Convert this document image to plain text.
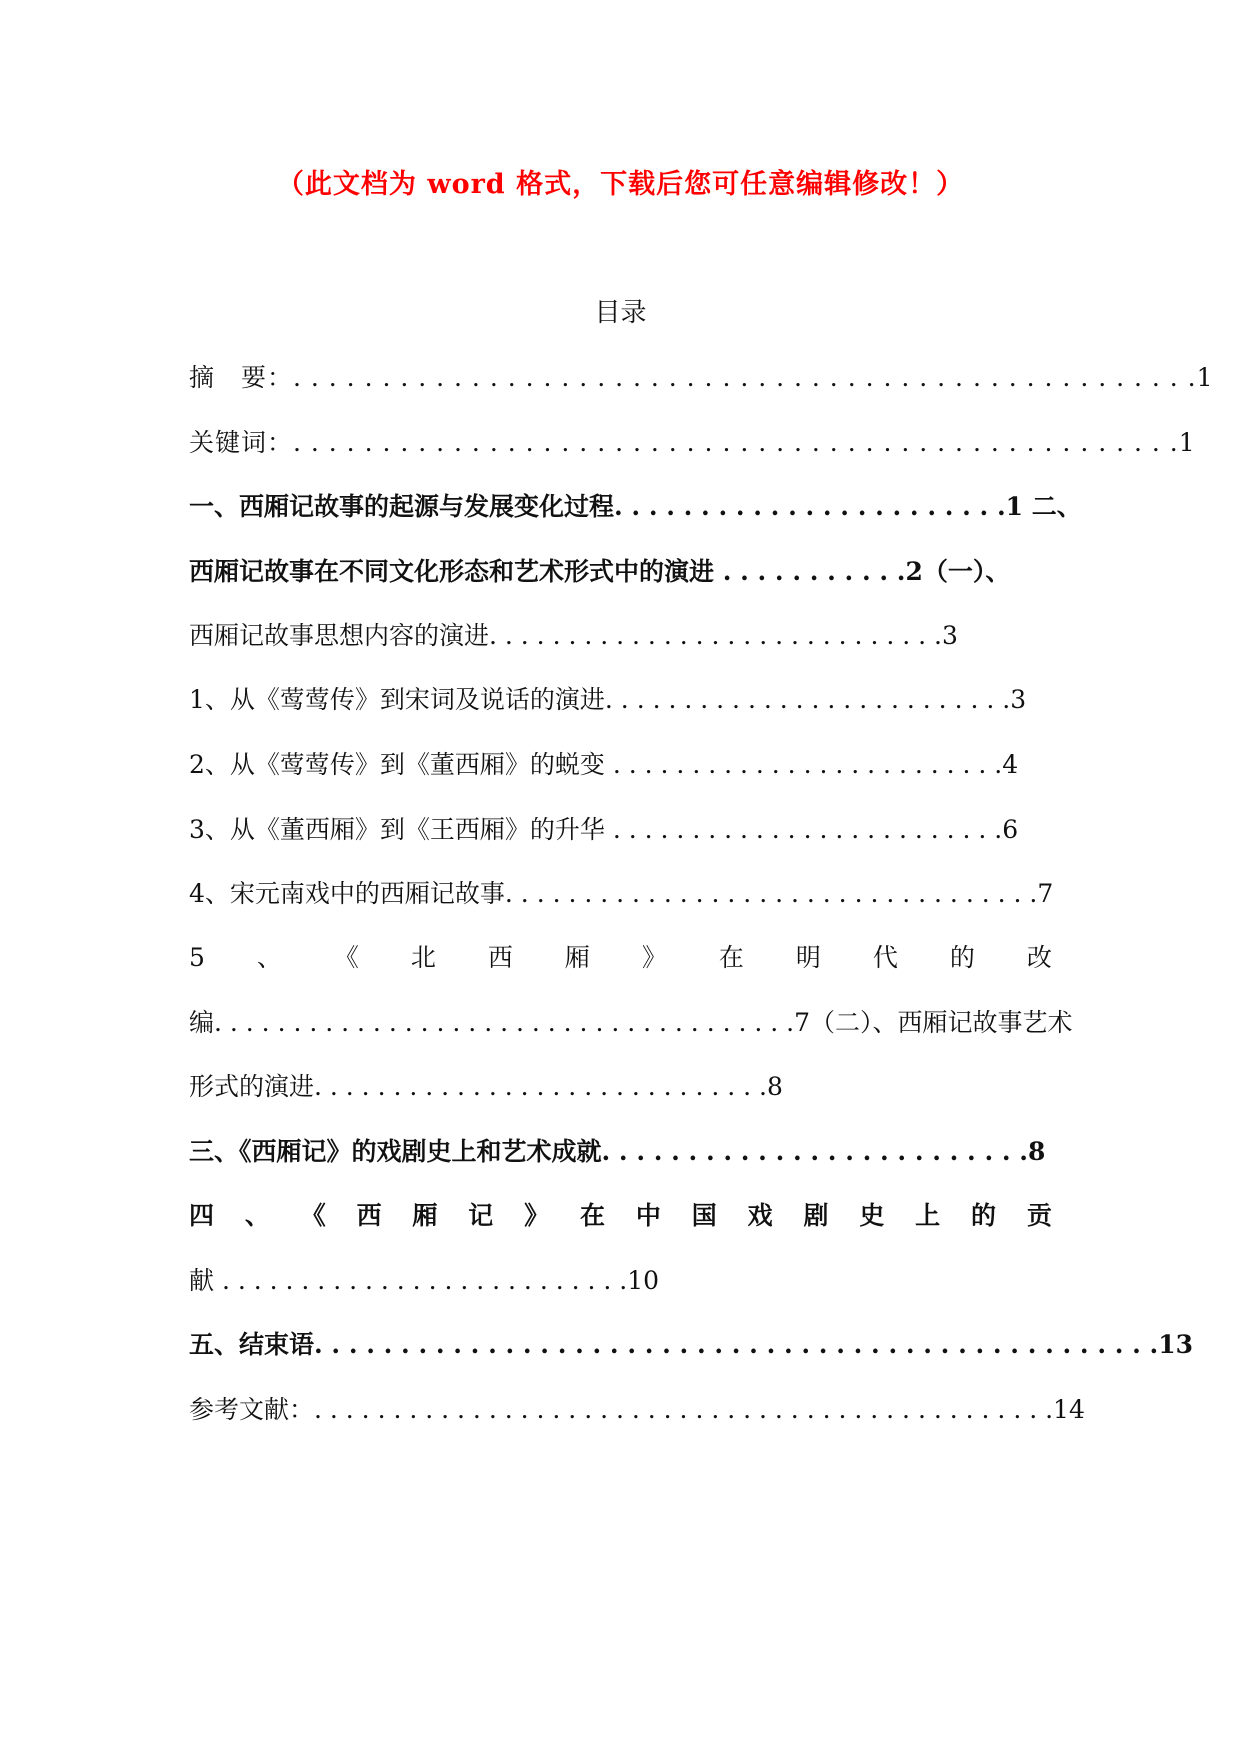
（此文档为 word 格式，下载后您可任意编辑修改！）
目录
摘　要：. . . . . . . . . . . . . . . . . . . . . . . . . . . . . . . . . . . . . . . . . . . . . . . . . . .1
关键词：. . . . . . . . . . . . . . . . . . . . . . . . . . . . . . . . . . . . . . . . . . . . . . . . . .1
一、西厢记故事的起源与发展变化过程. . . . . . . . . . . . . . . . . . . . . . .1 二、
西厢记故事在不同文化形态和艺术形式中的演进 . . . . . . . . . . .2（一）、
西厢记故事思想内容的演进. . . . . . . . . . . . . . . . . . . . . . . . . . . . .3
1、从《莺莺传》到宋词及说话的演进. . . . . . . . . . . . . . . . . . . . . . . . . .3
2、从《莺莺传》到《董西厢》的蜕变 . . . . . . . . . . . . . . . . . . . . . . . . .4
3、从《董西厢》到《王西厢》的升华 . . . . . . . . . . . . . . . . . . . . . . . . .6
4、宋元南戏中的西厢记故事. . . . . . . . . . . . . . . . . . . . . . . . . . . . . . . . . .7
5 、 《 北 西 厢 》 在 明 代 的 改
编. . . . . . . . . . . . . . . . . . . . . . . . . . . . . . . . . . . . .7（二）、西厢记故事艺术
形式的演进. . . . . . . . . . . . . . . . . . . . . . . . . . . . .8
三、《西厢记》的戏剧史上和艺术成就. . . . . . . . . . . . . . . . . . . . . . . . .8
四 、 《 西 厢 记 》 在 中 国 戏 剧 史 上 的 贡
献 . . . . . . . . . . . . . . . . . . . . . . . . . .10
五、结束语. . . . . . . . . . . . . . . . . . . . . . . . . . . . . . . . . . . . . . . . . . . . . . . . .13
参考文献：. . . . . . . . . . . . . . . . . . . . . . . . . . . . . . . . . . . . . . . . . . . . . . .14
